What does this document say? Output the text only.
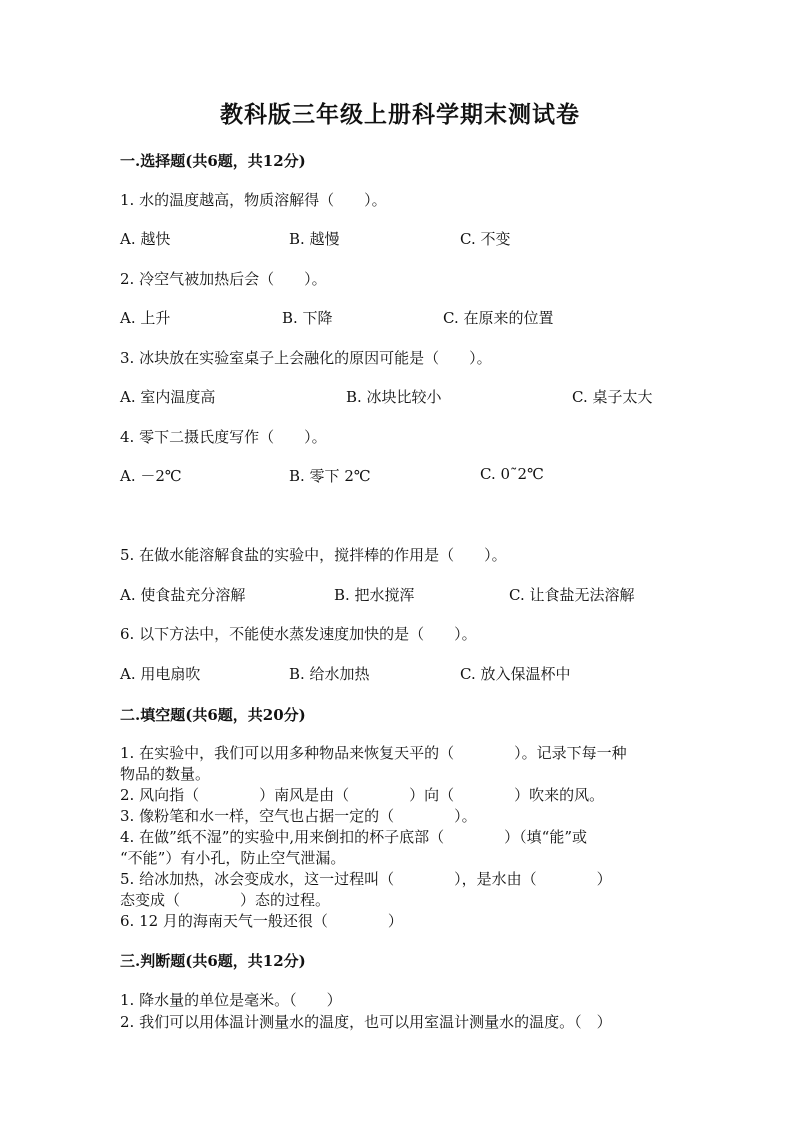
教科版三年级上册科学期末测试卷
一.选择题(共6题，共12分)
1. 水的温度越高，物质溶解得（　　）。
A. 越快	B. 越慢	C. 不变
2. 冷空气被加热后会（　　）。
A. 上升	B. 下降	C. 在原来的位置
3. 冰块放在实验室桌子上会融化的原因可能是（　　）。
A. 室内温度高	B. 冰块比较小	C. 桌子太大
4. 零下二摄氏度写作（　　）。
A. －2℃	B. 零下 2℃	C. 0˜2℃
5. 在做水能溶解食盐的实验中，搅拌棒的作用是（　　）。
A. 使食盐充分溶解	B. 把水搅浑	C. 让食盐无法溶解
6. 以下方法中，不能使水蒸发速度加快的是（　　）。
A. 用电扇吹	B. 给水加热	C. 放入保温杯中
二.填空题(共6题，共20分)
1. 在实验中，我们可以用多种物品来恢复天平的（　　　　）。记录下每一种
物品的数量。
2. 风向指（　　　　）南风是由（　　　　）向（　　　　）吹来的风。
3. 像粉笔和水一样，空气也占据一定的（　　　　）。
4. 在做”纸不湿”的实验中,用来倒扣的杯子底部（　　　　）（填“能”或
“不能”）有小孔，防止空气泄漏。
5. 给冰加热，冰会变成水，这一过程叫（　　　　），是水由（　　　　）
态变成（　　　　）态的过程。
6. 12 月的海南天气一般还很（　　　　）
三.判断题(共6题，共12分)
1. 降水量的单位是毫米。（　　）
2. 我们可以用体温计测量水的温度，也可以用室温计测量水的温度。（　）
